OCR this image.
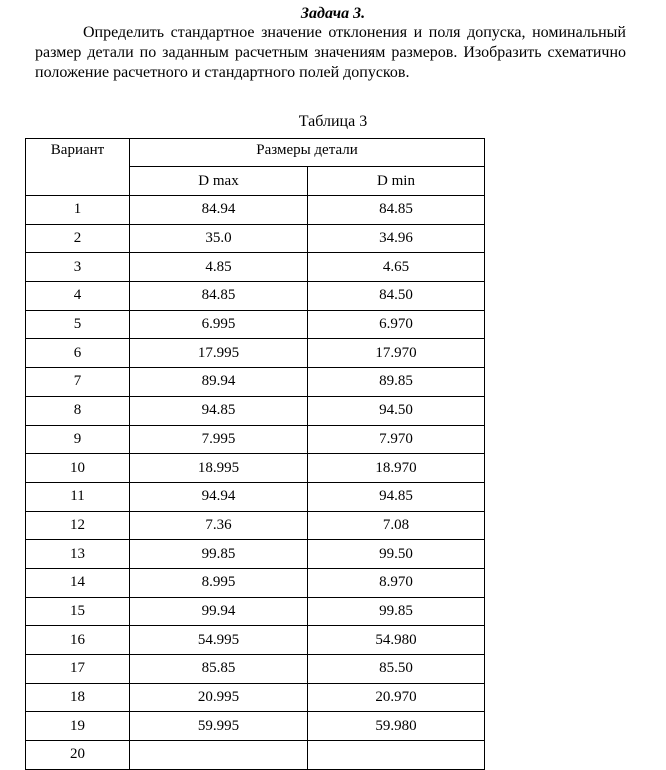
Задача 3.
Определить стандартное значение отклонения и поля допуска, номинальный размер детали по заданным расчетным значениям размеров. Изобразить схематично положение расчетного и стандартного полей допусков.
Таблица 3
Вариант	Размеры детали	
	D max	D min
1	84.94	84.85
2	35.0	34.96
3	4.85	4.65
4	84.85	84.50
5	6.995	6.970
6	17.995	17.970
7	89.94	89.85
8	94.85	94.50
9	7.995	7.970
10	18.995	18.970
11	94.94	94.85
12	7.36	7.08
13	99.85	99.50
14	8.995	8.970
15	99.94	99.85
16	54.995	54.980
17	85.85	85.50
18	20.995	20.970
19	59.995	59.980
20		
